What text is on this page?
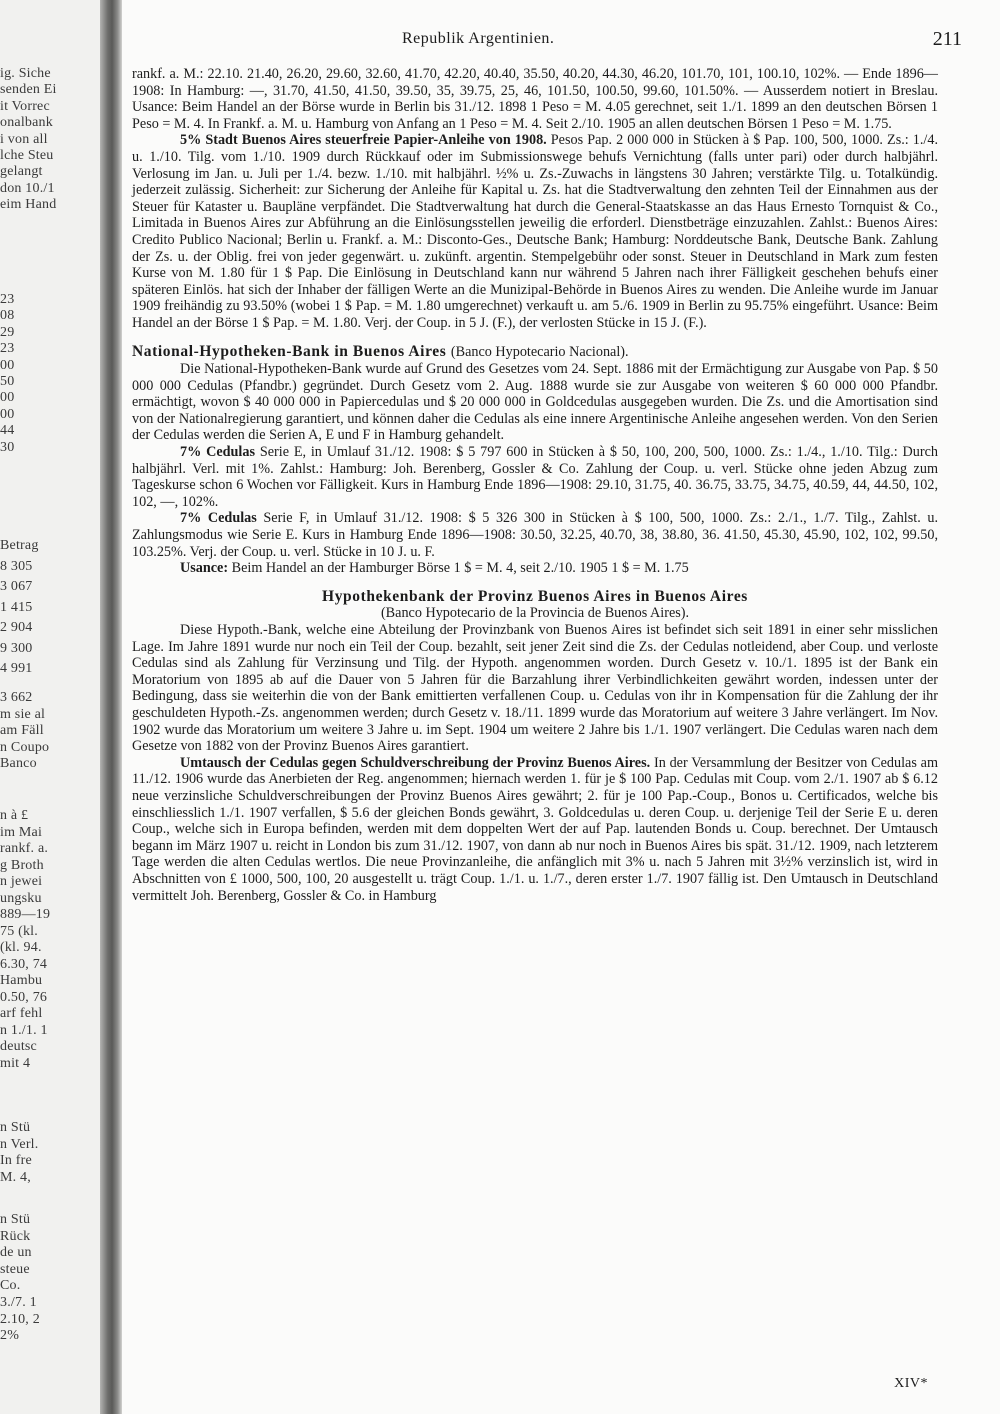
ig. Siche
senden Ei
it Vorrec
onalbank
i von all
lche Steu
gelangt
don 10./1
eim Hand
23
08
29
23
00
50
00
00
44
30
Betrag
8 305
3 067
1 415
2 904
9 300
4 991
3 662
m sie al
am Fäll
n Coupo
Banco
n à £
im Mai
rankf. a.
g Broth
n jewei
ungsku
889—19
75 (kl.
(kl. 94.
6.30, 74
Hambu
0.50, 76
arf fehl
n 1./1. 1
deutsc
mit 4
n Stü
n Verl.
In fre
M. 4,
n Stü
Rück
de un
steue
Co.
3./7. 1
2.10, 2
2%
Republik Argentinien.	211

rankf. a. M.: 22.10. 21.40, 26.20, 29.60, 32.60, 41.70, 42.20, 40.40, 35.50, 40.20, 44.30, 46.20, 101.70, 101, 100.10, 102%. — Ende 1896—1908: In Hamburg: —, 31.70, 41.50, 41.50, 39.50, 35, 39.75, 25, 46, 101.50, 100.50, 99.60, 101.50%. — Ausserdem notiert in Breslau. Usance: Beim Handel an der Börse wurde in Berlin bis 31./12. 1898 1 Peso = M. 4.05 gerechnet, seit 1./1. 1899 an den deutschen Börsen 1 Peso = M. 4. In Frankf. a. M. u. Hamburg von Anfang an 1 Peso = M. 4. Seit 2./10. 1905 an allen deutschen Börsen 1 Peso = M. 1.75.

5% Stadt Buenos Aires steuerfreie Papier-Anleihe von 1908. Pesos Pap. 2 000 000 in Stücken à $ Pap. 100, 500, 1000. Zs.: 1./4. u. 1./10. Tilg. vom 1./10. 1909 durch Rückkauf oder im Submissionswege behufs Vernichtung (falls unter pari) oder durch halbjährl. Verlosung im Jan. u. Juli per 1./4. bezw. 1./10. mit halbjährl. ½% u. Zs.-Zuwachs in längstens 30 Jahren; verstärkte Tilg. u. Totalkündig. jederzeit zulässig. Sicherheit: zur Sicherung der Anleihe für Kapital u. Zs. hat die Stadtverwaltung den zehnten Teil der Einnahmen aus der Steuer für Kataster u. Baupläne verpfändet. Die Stadtverwaltung hat durch die General-Staatskasse an das Haus Ernesto Tornquist & Co., Limitada in Buenos Aires zur Abführung an die Einlösungsstellen jeweilig die erforderl. Dienstbeträge einzuzahlen. Zahlst.: Buenos Aires: Credito Publico Nacional; Berlin u. Frankf. a. M.: Disconto-Ges., Deutsche Bank; Hamburg: Norddeutsche Bank, Deutsche Bank. Zahlung der Zs. u. der Oblig. frei von jeder gegenwärt. u. zukünft. argentin. Stempelgebühr oder sonst. Steuer in Deutschland in Mark zum festen Kurse von M. 1.80 für 1 $ Pap. Die Einlösung in Deutschland kann nur während 5 Jahren nach ihrer Fälligkeit geschehen behufs einer späteren Einlös. hat sich der Inhaber der fälligen Werte an die Munizipal-Behörde in Buenos Aires zu wenden. Die Anleihe wurde im Januar 1909 freihändig zu 93.50% (wobei 1 $ Pap. = M. 1.80 umgerechnet) verkauft u. am 5./6. 1909 in Berlin zu 95.75% eingeführt. Usance: Beim Handel an der Börse 1 $ Pap. = M. 1.80. Verj. der Coup. in 5 J. (F.), der verlosten Stücke in 15 J. (F.).

National-Hypotheken-Bank in Buenos Aires (Banco Hypotecario Nacional).

Die National-Hypotheken-Bank wurde auf Grund des Gesetzes vom 24. Sept. 1886 mit der Ermächtigung zur Ausgabe von Pap. $ 50 000 000 Cedulas (Pfandbr.) gegründet. Durch Gesetz vom 2. Aug. 1888 wurde sie zur Ausgabe von weiteren $ 60 000 000 Pfandbr. ermächtigt, wovon $ 40 000 000 in Papiercedulas und $ 20 000 000 in Goldcedulas ausgegeben wurden. Die Zs. und die Amortisation sind von der Nationalregierung garantiert, und können daher die Cedulas als eine innere Argentinische Anleihe angesehen werden. Von den Serien der Cedulas werden die Serien A, E und F in Hamburg gehandelt.

7% Cedulas Serie E, in Umlauf 31./12. 1908: $ 5 797 600 in Stücken à $ 50, 100, 200, 500, 1000. Zs.: 1./4., 1./10. Tilg.: Durch halbjährl. Verl. mit 1%. Zahlst.: Hamburg: Joh. Berenberg, Gossler & Co. Zahlung der Coup. u. verl. Stücke ohne jeden Abzug zum Tageskurse schon 6 Wochen vor Fälligkeit. Kurs in Hamburg Ende 1896—1908: 29.10, 31.75, 40. 36.75, 33.75, 34.75, 40.59, 44, 44.50, 102, 102, —, 102%.

7% Cedulas Serie F, in Umlauf 31./12. 1908: $ 5 326 300 in Stücken à $ 100, 500, 1000. Zs.: 2./1., 1./7. Tilg., Zahlst. u. Zahlungsmodus wie Serie E. Kurs in Hamburg Ende 1896—1908: 30.50, 32.25, 40.70, 38, 38.80, 36. 41.50, 45.30, 45.90, 102, 102, 99.50, 103.25%. Verj. der Coup. u. verl. Stücke in 10 J. u. F.

Usance: Beim Handel an der Hamburger Börse 1 $ = M. 4, seit 2./10. 1905 1 $ = M. 1.75

Hypothekenbank der Provinz Buenos Aires in Buenos Aires

(Banco Hypotecario de la Provincia de Buenos Aires).

Diese Hypoth.-Bank, welche eine Abteilung der Provinzbank von Buenos Aires ist befindet sich seit 1891 in einer sehr misslichen Lage. Im Jahre 1891 wurde nur noch ein Teil der Coup. bezahlt, seit jener Zeit sind die Zs. der Cedulas notleidend, aber Coup. und verloste Cedulas sind als Zahlung für Verzinsung und Tilg. der Hypoth. angenommen worden. Durch Gesetz v. 10./1. 1895 ist der Bank ein Moratorium von 1895 ab auf die Dauer von 5 Jahren für die Barzahlung ihrer Verbindlichkeiten gewährt worden, indessen unter der Bedingung, dass sie weiterhin die von der Bank emittierten verfallenen Coup. u. Cedulas von ihr in Kompensation für die Zahlung der ihr geschuldeten Hypoth.-Zs. angenommen werden; durch Gesetz v. 18./11. 1899 wurde das Moratorium auf weitere 3 Jahre verlängert. Im Nov. 1902 wurde das Moratorium um weitere 3 Jahre u. im Sept. 1904 um weitere 2 Jahre bis 1./1. 1907 verlängert. Die Cedulas waren nach dem Gesetze von 1882 von der Provinz Buenos Aires garantiert.

Umtausch der Cedulas gegen Schuldverschreibung der Provinz Buenos Aires. In der Versammlung der Besitzer von Cedulas am 11./12. 1906 wurde das Anerbieten der Reg. angenommen; hiernach werden 1. für je $ 100 Pap. Cedulas mit Coup. vom 2./1. 1907 ab $ 6.12 neue verzinsliche Schuldverschreibungen der Provinz Buenos Aires gewährt; 2. für je 100 Pap.-Coup., Bonos u. Certificados, welche bis einschliesslich 1./1. 1907 verfallen, $ 5.6 der gleichen Bonds gewährt, 3. Goldcedulas u. deren Coup. u. derjenige Teil der Serie E u. deren Coup., welche sich in Europa befinden, werden mit dem doppelten Wert der auf Pap. lautenden Bonds u. Coup. berechnet. Der Umtausch begann im März 1907 u. reicht in London bis zum 31./12. 1907, von dann ab nur noch in Buenos Aires bis spät. 31./12. 1909, nach letzterem Tage werden die alten Cedulas wertlos. Die neue Provinzanleihe, die anfänglich mit 3% u. nach 5 Jahren mit 3½% verzinslich ist, wird in Abschnitten von £ 1000, 500, 100, 20 ausgestellt u. trägt Coup. 1./1. u. 1./7., deren erster 1./7. 1907 fällig ist. Den Umtausch in Deutschland vermittelt Joh. Berenberg, Gossler & Co. in Hamburg

XIV*
